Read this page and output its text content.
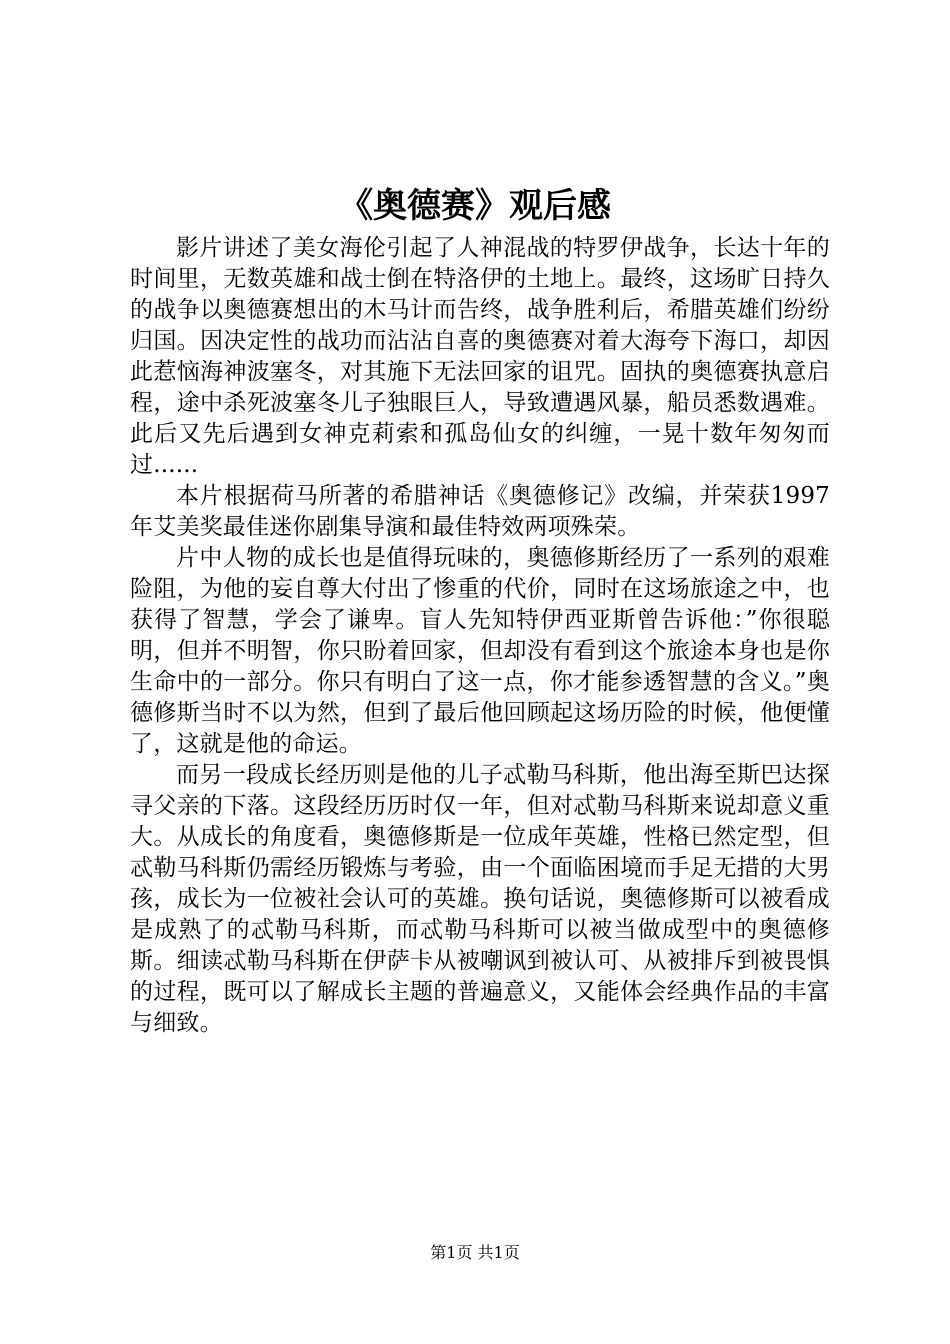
《奥德赛》观后感

影片讲述了美女海伦引起了人神混战的特罗伊战争，长达十年的时间里，无数英雄和战士倒在特洛伊的土地上。最终，这场旷日持久的战争以奥德赛想出的木马计而告终，战争胜利后，希腊英雄们纷纷归国。因决定性的战功而沾沾自喜的奥德赛对着大海夸下海口，却因此惹恼海神波塞冬，对其施下无法回家的诅咒。固执的奥德赛执意启程，途中杀死波塞冬儿子独眼巨人，导致遭遇风暴，船员悉数遇难。此后又先后遇到女神克莉索和孤岛仙女的纠缠，一晃十数年匆匆而过......

本片根据荷马所著的希腊神话《奥德修记》改编，并荣获1997年艾美奖最佳迷你剧集导演和最佳特效两项殊荣。

片中人物的成长也是值得玩味的，奥德修斯经历了一系列的艰难险阻，为他的妄自尊大付出了惨重的代价，同时在这场旅途之中，也获得了智慧，学会了谦卑。盲人先知特伊西亚斯曾告诉他：”你很聪明，但并不明智，你只盼着回家，但却没有看到这个旅途本身也是你生命中的一部分。你只有明白了这一点，你才能参透智慧的含义。”奥德修斯当时不以为然，但到了最后他回顾起这场历险的时候，他便懂了，这就是他的命运。

而另一段成长经历则是他的儿子忒勒马科斯，他出海至斯巴达探寻父亲的下落。这段经历历时仅一年，但对忒勒马科斯来说却意义重大。从成长的角度看，奥德修斯是一位成年英雄，性格已然定型，但忒勒马科斯仍需经历锻炼与考验，由一个面临困境而手足无措的大男孩，成长为一位被社会认可的英雄。换句话说，奥德修斯可以被看成是成熟了的忒勒马科斯，而忒勒马科斯可以被当做成型中的奥德修斯。细读忒勒马科斯在伊萨卡从被嘲讽到被认可、从被排斥到被畏惧的过程，既可以了解成长主题的普遍意义，又能体会经典作品的丰富与细致。

第1页 共1页
